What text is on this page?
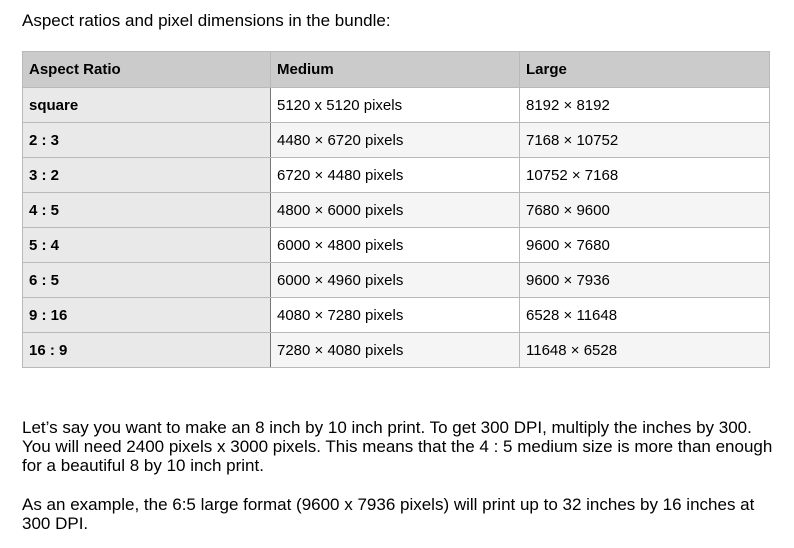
Aspect ratios and pixel dimensions in the bundle:

Aspect Ratio	Medium	Large
square	5120 x 5120 pixels	8192 × 8192
2 : 3	4480 × 6720 pixels	7168 × 10752
3 : 2	6720 × 4480 pixels	10752 × 7168
4 : 5	4800 × 6000 pixels	7680 × 9600
5 : 4	6000 × 4800 pixels	9600 × 7680
6 : 5	6000 × 4960 pixels	9600 × 7936
9 : 16	4080 × 7280 pixels	6528 × 11648
16 : 9	7280 × 4080 pixels	11648 × 6528

Let’s say you want to make an 8 inch by 10 inch print. To get 300 DPI, multiply the inches by 300. You will need 2400 pixels x 3000 pixels. This means that the 4 : 5 medium size is more than enough for a beautiful 8 by 10 inch print.

As an example, the 6:5 large format (9600 x 7936 pixels) will print up to 32 inches by 16 inches at 300 DPI.
